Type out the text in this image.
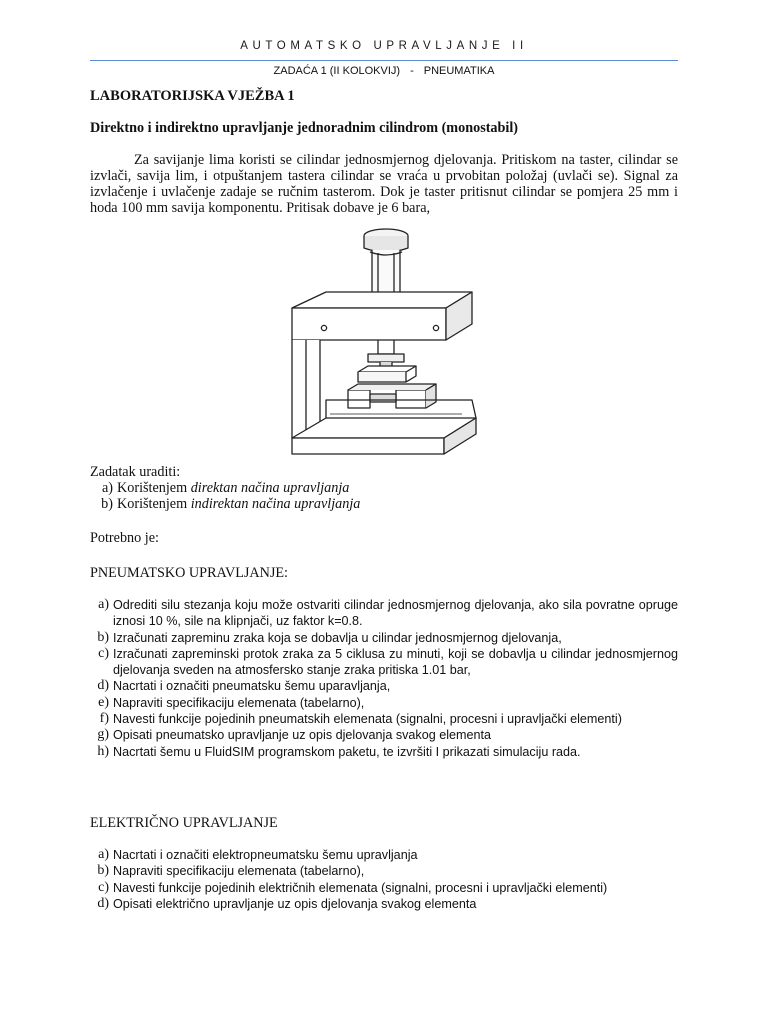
AUTOMATSKO UPRAVLJANJE II
ZADAĆA 1 (II KOLOKVIJ) - PNEUMATIKA
LABORATORIJSKA VJEŽBA 1
Direktno i indirektno upravljanje jednoradnim cilindrom (monostabil)

Za savijanje lima koristi se cilindar jednosmjernog djelovanja. Pritiskom na taster, cilindar se izvlači, savija lim, i otpuštanjem tastera cilindar se vraća u prvobitan položaj (uvlači se). Signal za izvlačenje i uvlačenje zadaje se ručnim tasterom. Dok je taster pritisnut cilindar se pomjera 25 mm i hoda 100 mm savija komponentu. Pritisak dobave je 6 bara,

Zadatak uraditi:
a) Korištenjem direktan načina upravljanja
b) Korištenjem indirektan načina upravljanja
Potrebno je:
PNEUMATSKO UPRAVLJANJE:
a) Odrediti silu stezanja koju može ostvariti cilindar jednosmjernog djelovanja, ako sila povratne opruge iznosi 10 %, sile na klipnjači, uz faktor k=0.8.
b) Izračunati zapreminu zraka koja se dobavlja u cilindar jednosmjernog djelovanja,
c) Izračunati zapreminski protok zraka za 5 ciklusa zu minuti, koji se dobavlja u cilindar jednosmjernog djelovanja sveden na atmosfersko stanje zraka pritiska 1.01 bar,
d) Nacrtati i označiti pneumatsku šemu uparavljanja,
e) Napraviti specifikaciju elemenata (tabelarno),
f) Navesti funkcije pojedinih pneumatskih elemenata (signalni, procesni i upravljački elementi)
g) Opisati pneumatsko upravljanje uz opis djelovanja svakog elementa
h) Nacrtati šemu u FluidSIM programskom paketu, te izvršiti I prikazati simulaciju rada.
ELEKTRIČNO UPRAVLJANJE
a) Nacrtati i označiti elektropneumatsku šemu upravljanja
b) Napraviti specifikaciju elemenata (tabelarno),
c) Navesti funkcije pojedinih električnih elemenata (signalni, procesni i upravljački elementi)
d) Opisati električno upravljanje uz opis djelovanja svakog elementa
